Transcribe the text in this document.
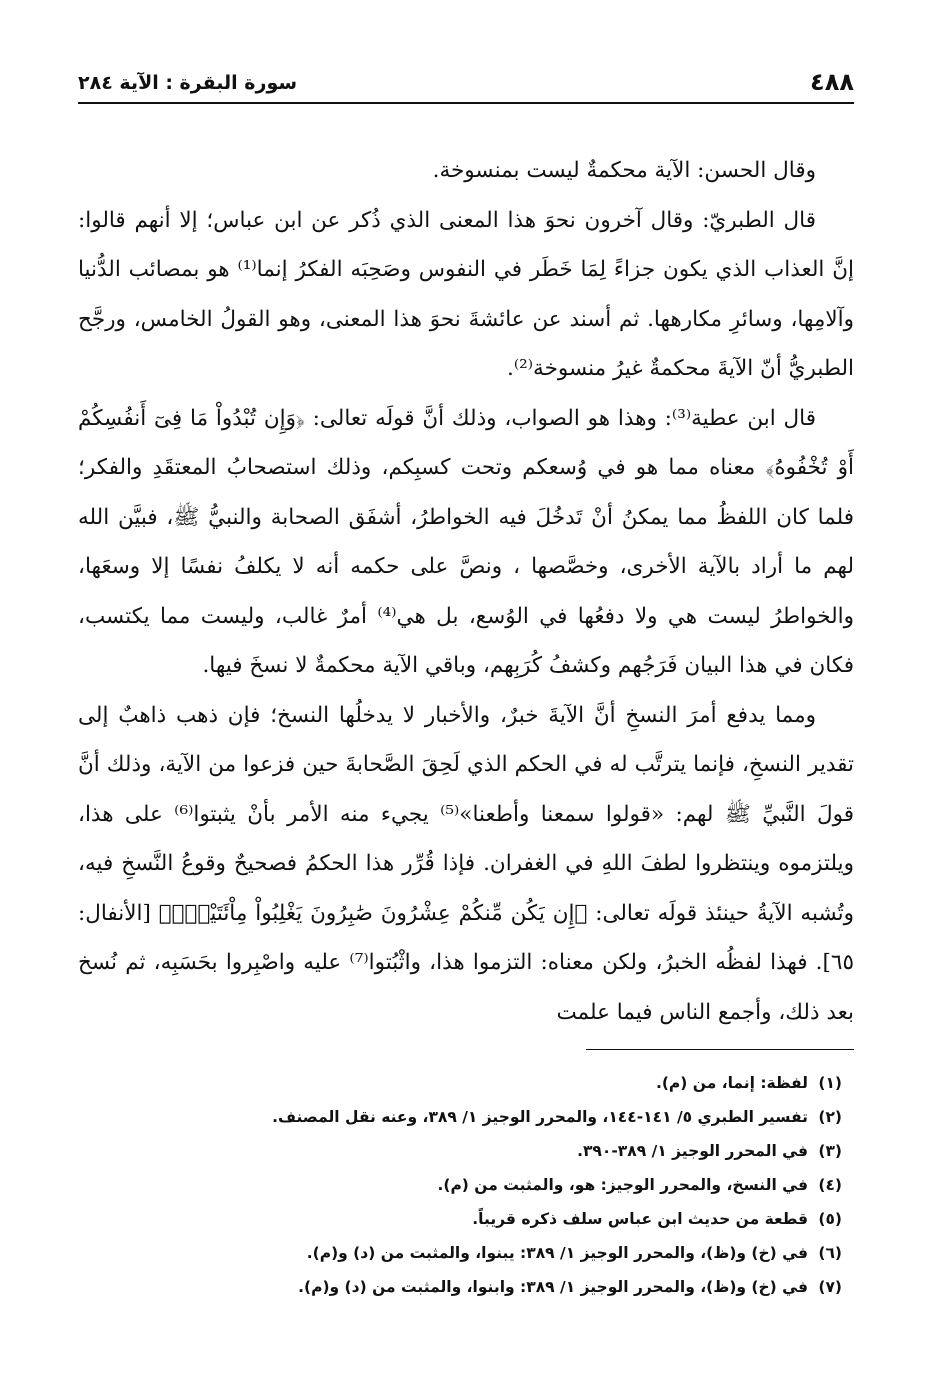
٤٨٨
سورة البقرة : الآية ٢٨٤

وقال الحسن: الآية محكمةٌ ليست بمنسوخة.

قال الطبريّ: وقال آخرون نحوَ هذا المعنى الذي ذُكر عن ابن عباس؛ إلا أنهم قالوا: إنَّ العذاب الذي يكون جزاءً لِمَا خَطَر في النفوس وصَحِبَه الفكرُ إنما⁽¹⁾ هو بمصائب الدُّنيا وآلامِها، وسائرِ مكارهها. ثم أسند عن عائشةَ نحوَ هذا المعنى، وهو القولُ الخامس، ورجَّح الطبريُّ أنّ الآيةَ محكمةٌ غيرُ منسوخة⁽²⁾.

قال ابن عطية⁽³⁾: وهذا هو الصواب، وذلك أنَّ قولَه تعالى: ﴿وَإِن تُبْدُواْ مَا فِىٓ أَنفُسِكُمْ أَوْ تُخْفُوهُ﴾ معناه مما هو في وُسعكم وتحت كسبِكم، وذلك استصحابُ المعتقَدِ والفكر؛ فلما كان اللفظُ مما يمكنُ أنْ تَدخُلَ فيه الخواطرُ، أشفَق الصحابة والنبيُّ ﷺ، فبيَّن الله لهم ما أراد بالآية الأخرى، وخصَّصها ، ونصَّ على حكمه أنه لا يكلفُ نفسًا إلا وسعَها، والخواطرُ ليست هي ولا دفعُها في الوُسع، بل هي⁽⁴⁾ أمرٌ غالب، وليست مما يكتسب، فكان في هذا البيان فَرَجُهم وكشفُ كُرَبِهم، وباقي الآية محكمةٌ لا نسخَ فيها.

ومما يدفع أمرَ النسخِ أنَّ الآيةَ خبرٌ، والأخبار لا يدخلُها النسخ؛ فإن ذهب ذاهبٌ إلى تقدير النسخِ، فإنما يترتَّب له في الحكم الذي لَحِقَ الصَّحابةَ حين فزعوا من الآية، وذلك أنَّ قولَ النَّبيِّ ﷺ لهم: «قولوا سمعنا وأطعنا»⁽⁵⁾ يجيء منه الأمر بأنْ يثبتوا⁽⁶⁾ على هذا، ويلتزموه وينتظروا لطفَ اللهِ في الغفران. فإذا قُرِّر هذا الحكمُ فصحيحٌ وقوعُ النَّسخِ فيه، وتُشبه الآيةُ حينئذ قولَه تعالى: ﴿إِن يَكُن مِّنكُمْ عِشْرُونَ صَٰبِرُونَ يَغْلِبُواْ مِاْئَتَيْنِۚ﴾ [الأنفال: ٦٥]. فهذا لفظُه الخبرُ، ولكن معناه: التزموا هذا، واثْبُتوا⁽⁷⁾ عليه واصْبِروا بحَسَبِه، ثم نُسخ بعد ذلك، وأجمع الناس فيما علمت

(١)
لفظة: إنما، من (م).
(٢)
تفسير الطبري ٥/ ١٤١-١٤٤، والمحرر الوجيز ١/ ٣٨٩، وعنه نقل المصنف.
(٣)
في المحرر الوجيز ١/ ٣٨٩-٣٩٠.
(٤)
في النسخ، والمحرر الوجيز: هو، والمثبت من (م).
(٥)
قطعة من حديث ابن عباس سلف ذكره قريباً.
(٦)
في (خ) و(ظ)، والمحرر الوجيز ١/ ٣٨٩: يبنوا، والمثبت من (د) و(م).
(٧)
في (خ) و(ظ)، والمحرر الوجيز ١/ ٣٨٩: وابنوا، والمثبت من (د) و(م).
